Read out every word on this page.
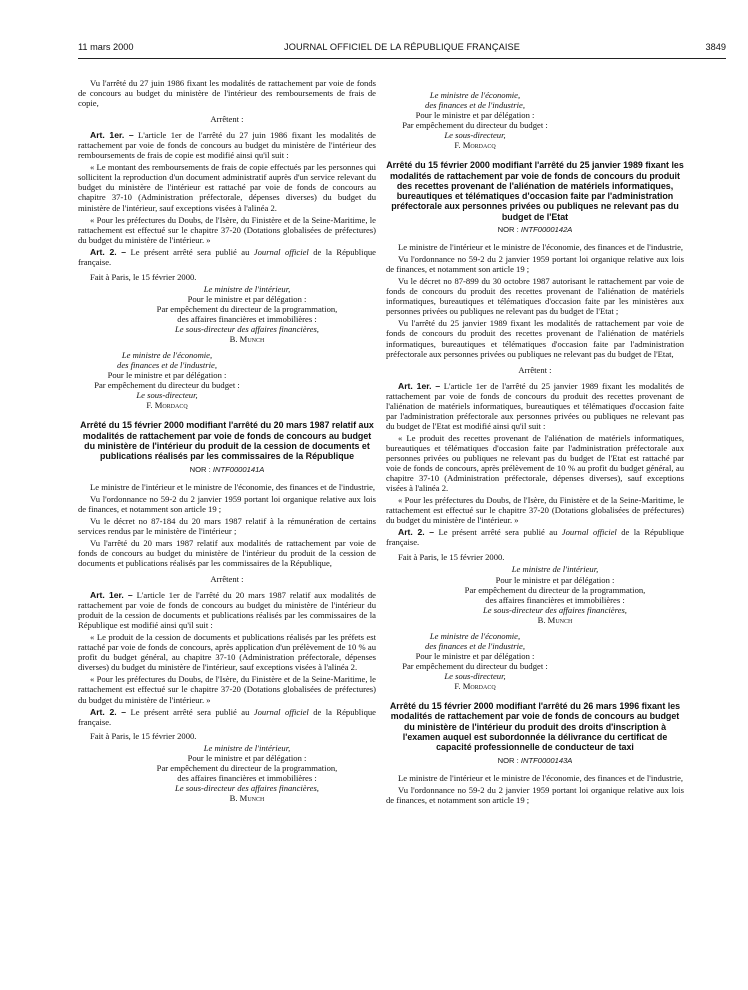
11 mars 2000	JOURNAL OFFICIEL DE LA RÉPUBLIQUE FRANÇAISE	3849

Vu l'arrêté du 27 juin 1986 fixant les modalités de rattachement par voie de fonds de concours au budget du ministère de l'intérieur des remboursements de frais de copie,

Arrêtent :

Art. 1er. – L'article 1er de l'arrêté du 27 juin 1986 fixant les modalités de rattachement par voie de fonds de concours au budget du ministère de l'intérieur des remboursements de frais de copie est modifié ainsi qu'il suit :

« Le montant des remboursements de frais de copie effectués par les personnes qui sollicitent la reproduction d'un document administratif auprès d'un service relevant du budget du ministère de l'intérieur est rattaché par voie de fonds de concours au chapitre 37-10 (Administration préfectorale, dépenses diverses) du budget du ministère de l'intérieur, sauf exceptions visées à l'alinéa 2.

« Pour les préfectures du Doubs, de l'Isère, du Finistère et de la Seine-Maritime, le rattachement est effectué sur le chapitre 37-20 (Dotations globalisées de préfectures) du budget du ministère de l'intérieur. »

Art. 2. – Le présent arrêté sera publié au Journal officiel de la République française.

Fait à Paris, le 15 février 2000.

Le ministre de l'intérieur,
Pour le ministre et par délégation :
Par empêchement du directeur de la programmation,
des affaires financières et immobilières :
Le sous-directeur des affaires financières,
B. Munch
Le ministre de l'économie,
des finances et de l'industrie,
Pour le ministre et par délégation :
Par empêchement du directeur du budget :
Le sous-directeur,
F. Mordacq

Arrêté du 15 février 2000 modifiant l'arrêté du 20 mars 1987 relatif aux modalités de rattachement par voie de fonds de concours au budget du ministère de l'intérieur du produit de la cession de documents et publications réalisés par les commissaires de la République

NOR : INTF0000141A

Le ministre de l'intérieur et le ministre de l'économie, des finances et de l'industrie,

Vu l'ordonnance no 59-2 du 2 janvier 1959 portant loi organique relative aux lois de finances, et notamment son article 19 ;

Vu le décret no 87-184 du 20 mars 1987 relatif à la rémunération de certains services rendus par le ministère de l'intérieur ;

Vu l'arrêté du 20 mars 1987 relatif aux modalités de rattachement par voie de fonds de concours au budget du ministère de l'intérieur du produit de la cession de documents et publications réalisés par les commissaires de la République,

Arrêtent :

Art. 1er. – L'article 1er de l'arrêté du 20 mars 1987 relatif aux modalités de rattachement par voie de fonds de concours au budget du ministère de l'intérieur du produit de la cession de documents et publications réalisés par les commissaires de la République est modifié ainsi qu'il suit :

« Le produit de la cession de documents et publications réalisés par les préfets est rattaché par voie de fonds de concours, après application d'un prélèvement de 10 % au profit du budget général, au chapitre 37-10 (Administration préfectorale, dépenses diverses) du budget du ministère de l'intérieur, sauf exceptions visées à l'alinéa 2.

« Pour les préfectures du Doubs, de l'Isère, du Finistère et de la Seine-Maritime, le rattachement est effectué sur le chapitre 37-20 (Dotations globalisées de préfectures) du budget du ministère de l'intérieur. »

Art. 2. – Le présent arrêté sera publié au Journal officiel de la République française.

Fait à Paris, le 15 février 2000.

Le ministre de l'intérieur,
Pour le ministre et par délégation :
Par empêchement du directeur de la programmation,
des affaires financières et immobilières :
Le sous-directeur des affaires financières,
B. Munch
Le ministre de l'économie,
des finances et de l'industrie,
Pour le ministre et par délégation :
Par empêchement du directeur du budget :
Le sous-directeur,
F. Mordacq

Arrêté du 15 février 2000 modifiant l'arrêté du 25 janvier 1989 fixant les modalités de rattachement par voie de fonds de concours du produit des recettes provenant de l'aliénation de matériels informatiques, bureautiques et télématiques d'occasion faite par l'administration préfectorale aux personnes privées ou publiques ne relevant pas du budget de l'Etat

NOR : INTF0000142A

Le ministre de l'intérieur et le ministre de l'économie, des finances et de l'industrie,

Vu l'ordonnance no 59-2 du 2 janvier 1959 portant loi organique relative aux lois de finances, et notamment son article 19 ;

Vu le décret no 87-899 du 30 octobre 1987 autorisant le rattachement par voie de fonds de concours du produit des recettes provenant de l'aliénation de matériels informatiques, bureautiques et télématiques d'occasion faite par les ministères aux personnes privées ou publiques ne relevant pas du budget de l'Etat ;

Vu l'arrêté du 25 janvier 1989 fixant les modalités de rattachement par voie de fonds de concours du produit des recettes provenant de l'aliénation de matériels informatiques, bureautiques et télématiques d'occasion faite par l'administration préfectorale aux personnes privées ou publiques ne relevant pas du budget de l'Etat,

Arrêtent :

Art. 1er. – L'article 1er de l'arrêté du 25 janvier 1989 fixant les modalités de rattachement par voie de fonds de concours du produit des recettes provenant de l'aliénation de matériels informatiques, bureautiques et télématiques d'occasion faite par l'administration préfectorale aux personnes privées ou publiques ne relevant pas du budget de l'Etat est modifié ainsi qu'il suit :

« Le produit des recettes provenant de l'aliénation de matériels informatiques, bureautiques et télématiques d'occasion faite par l'administration préfectorale aux personnes privées ou publiques ne relevant pas du budget de l'Etat est rattaché par voie de fonds de concours, après prélèvement de 10 % au profit du budget général, au chapitre 37-10 (Administration préfectorale, dépenses diverses), sauf exceptions visées à l'alinéa 2.

« Pour les préfectures du Doubs, de l'Isère, du Finistère et de la Seine-Maritime, le rattachement est effectué sur le chapitre 37-20 (Dotations globalisées de préfectures) du budget du ministère de l'intérieur. »

Art. 2. – Le présent arrêté sera publié au Journal officiel de la République française.

Fait à Paris, le 15 février 2000.

Le ministre de l'intérieur,
Pour le ministre et par délégation :
Par empêchement du directeur de la programmation,
des affaires financières et immobilières :
Le sous-directeur des affaires financières,
B. Munch
Le ministre de l'économie,
des finances et de l'industrie,
Pour le ministre et par délégation :
Par empêchement du directeur du budget :
Le sous-directeur,
F. Mordacq

Arrêté du 15 février 2000 modifiant l'arrêté du 26 mars 1996 fixant les modalités de rattachement par voie de fonds de concours au budget du ministère de l'intérieur du produit des droits d'inscription à l'examen auquel est subordonnée la délivrance du certificat de capacité professionnelle de conducteur de taxi

NOR : INTF0000143A

Le ministre de l'intérieur et le ministre de l'économie, des finances et de l'industrie,

Vu l'ordonnance no 59-2 du 2 janvier 1959 portant loi organique relative aux lois de finances, et notamment son article 19 ;
